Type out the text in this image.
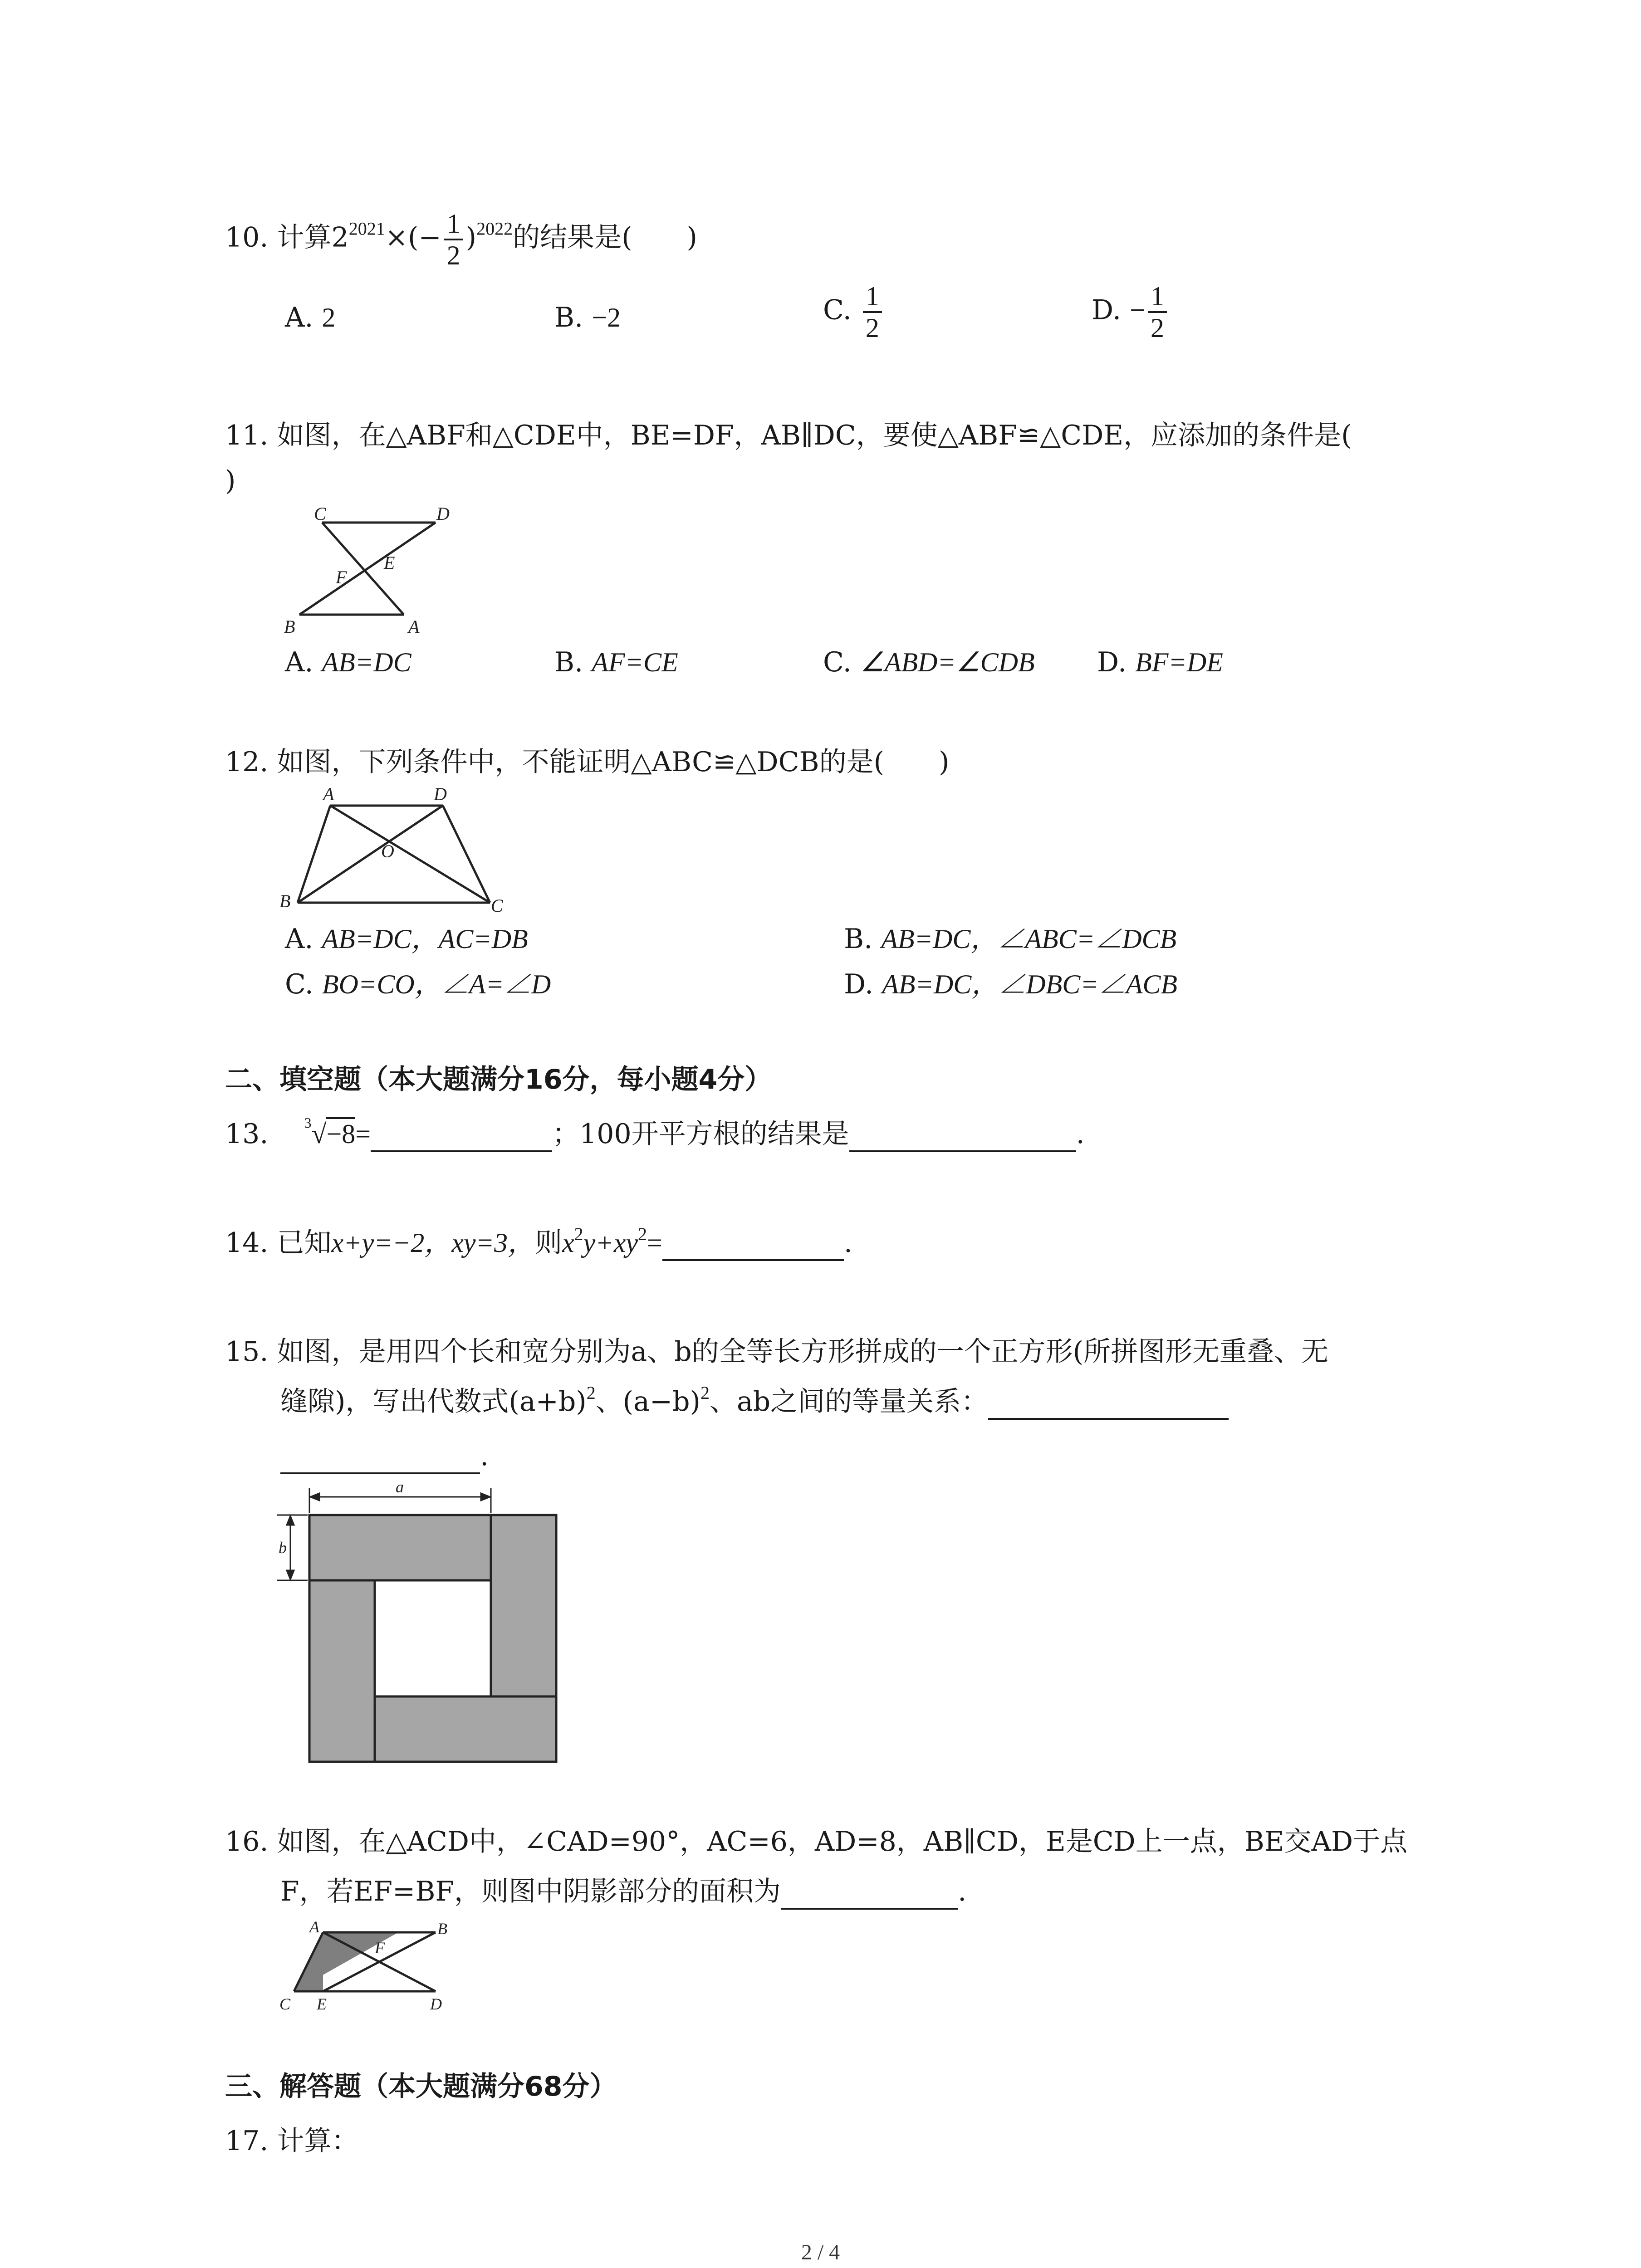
10. 计算$2^{2021}\times(- \frac{1}{2} )^{2022}$的结果是(　　)
A. 2	B. −2	C. $\frac{1}{2}$	D. − $\frac{1}{2}$
11. 如图，在△ABF和△CDE中，BE=DF，AB∥DC，要使△ABF≌△CDE，应添加的条件是(
)
C	D
E
F
B	A
A. AB=DC	B. AF=CE	C. ∠ABD=∠CDB D. BF=DE
12. 如图，下列条件中，不能证明△ABC≌△DCB的是(　　)
A	D
O
B	C
A. AB=DC，AC=DB	B. AB=DC，∠ABC=∠DCB
C. BO=CO，∠A=∠D	D. AB=DC，∠DBC=∠ACB
二、填空题（本大题满分16分，每小题4分）
13. $^3$√−8=	；100开平方根的结果是	.
14. 已知x+y=−2，xy=3，则$x^2y+xy^2=$	.
15. 如图，是用四个长和宽分别为a、b的全等长方形拼成的一个正方形(所拼图形无重叠、无
缝隙)，写出代数式$(a+b)^2$、$(a-b)^2$、ab之间的等量关系：
.
a
b
16. 如图，在△ACD中，∠CAD=90°，AC=6，AD=8，AB∥CD，E是CD上一点，BE交AD于点
F，若EF=BF，则图中阴影部分的面积为	.
A
F
B
C E	D
三、解答题（本大题满分68分）
17. 计算：
2 / 4
